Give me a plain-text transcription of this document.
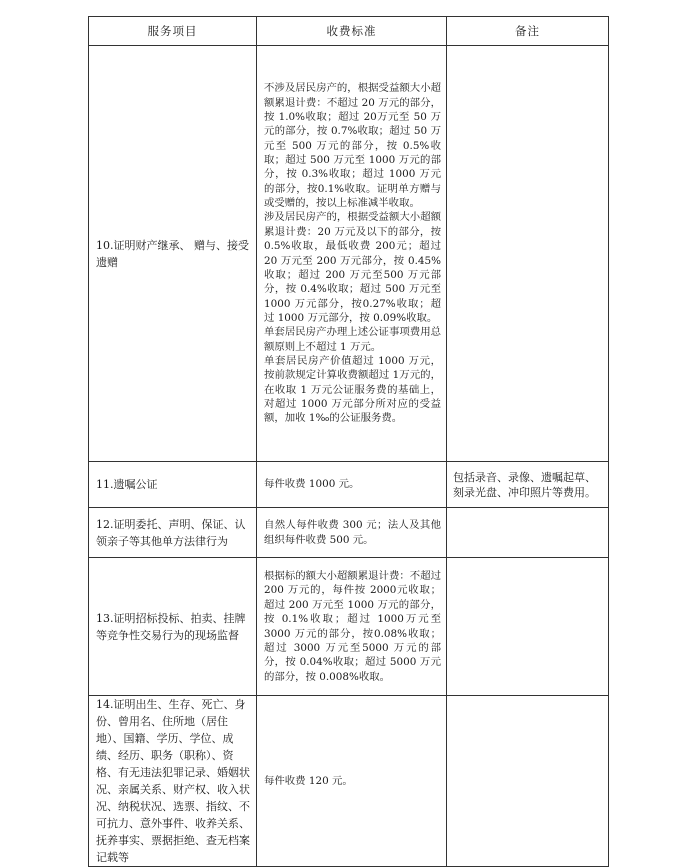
服务项目	收费标准	备注
10.证明财产继承、 赠与、接受遗赠	不涉及居民房产的，根据受益额大小超额累退计费：不超过 20 万元的部分，按 1.0%收取；超过 20万元至 50 万元的部分，按 0.7%收取；超过 50 万元至 500 万元的部分，按 0.5%收取；超过 500 万元至 1000 万元的部分，按 0.3%收取；超过 1000 万元的部分，按0.1%收取。证明单方赠与或受赠的，按以上标准减半收取。
涉及居民房产的，根据受益额大小超额累退计费：20 万元及以下的部分，按 0.5%收取，最低收费 200元；超过 20 万元至 200 万元部分，按 0.45%收取；超过 200 万元至500 万元部分，按 0.4%收取；超过 500 万元至 1000 万元部分，按0.27%收取；超过 1000 万元部分，按 0.09%收取。
单套居民房产办理上述公证事项费用总额原则上不超过 1 万元。
单套居民房产价值超过 1000 万元，按前款规定计算收费额超过 1万元的，在收取 1 万元公证服务费的基础上，对超过 1000 万元部分所对应的受益额，加收 1‰的公证服务费。	

11.遗嘱公证	每件收费 1000 元。	包括录音、录像、遗嘱起草、刻录光盘、冲印照片等费用。
12.证明委托、声明、保证、认领亲子等其他单方法律行为	自然人每件收费 300 元；法人及其他组织每件收费 500 元。	
13.证明招标投标、拍卖、挂牌等竞争性交易行为的现场监督	根据标的额大小超额累退计费：不超过 200 万元的，每件按 2000元收取；超过 200 万元至 1000 万元的部分，按 0.1%收取；超过 1000万元至 3000 万元的部分，按0.08%收取；超过 3000 万元至5000 万元的部分，按 0.04%收取；超过 5000 万元的部分，按 0.008%收取。	
14.证明出生、生存、死亡、身份、曾用名、住所地（居住地）、国籍、学历、学位、成绩、经历、职务（职称）、资格、有无违法犯罪记录、婚姻状况、亲属关系、财产权、收入状况、纳税状况、选票、指纹、不可抗力、意外事件、收养关系、抚养事实、票据拒绝、查无档案记载等	每件收费 120 元。	
